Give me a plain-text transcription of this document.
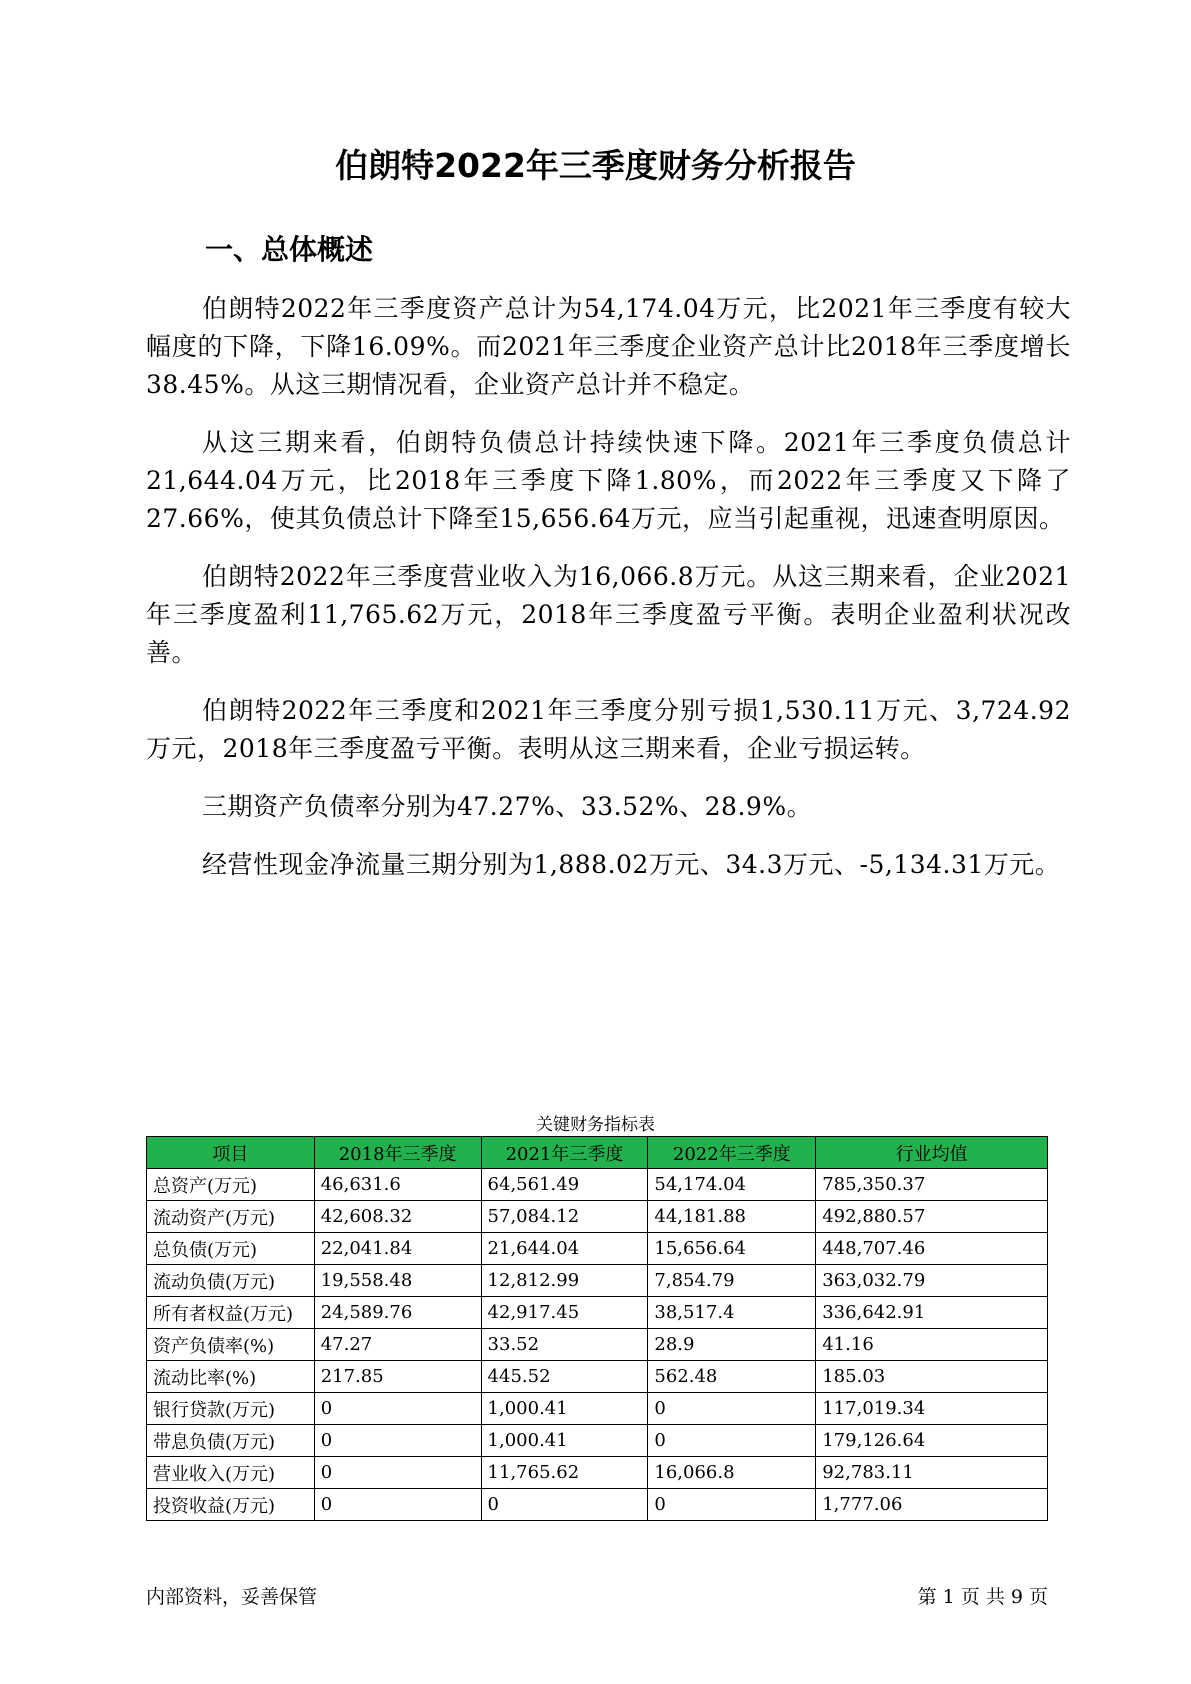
伯朗特2022年三季度财务分析报告
一、总体概述

伯朗特2022年三季度资产总计为54,174.04万元，比2021年三季度有较大幅度的下降，下降16.09%。而2021年三季度企业资产总计比2018年三季度增长38.45%。从这三期情况看，企业资产总计并不稳定。

从这三期来看，伯朗特负债总计持续快速下降。2021年三季度负债总计21,644.04万元，比2018年三季度下降1.80%，而2022年三季度又下降了27.66%，使其负债总计下降至15,656.64万元，应当引起重视，迅速查明原因。

伯朗特2022年三季度营业收入为16,066.8万元。从这三期来看，企业2021年三季度盈利11,765.62万元，2018年三季度盈亏平衡。表明企业盈利状况改善。

伯朗特2022年三季度和2021年三季度分别亏损1,530.11万元、3,724.92万元，2018年三季度盈亏平衡。表明从这三期来看，企业亏损运转。

三期资产负债率分别为47.27%、33.52%、28.9%。

经营性现金净流量三期分别为1,888.02万元、34.3万元、-5,134.31万元。

关键财务指标表
项目	2018年三季度	2021年三季度	2022年三季度	行业均值
总资产(万元)	46,631.6	64,561.49	54,174.04	785,350.37
流动资产(万元)	42,608.32	57,084.12	44,181.88	492,880.57
总负债(万元)	22,041.84	21,644.04	15,656.64	448,707.46
流动负债(万元)	19,558.48	12,812.99	7,854.79	363,032.79
所有者权益(万元)	24,589.76	42,917.45	38,517.4	336,642.91
资产负债率(%)	47.27	33.52	28.9	41.16
流动比率(%)	217.85	445.52	562.48	185.03
银行贷款(万元)	0	1,000.41	0	117,019.34
带息负债(万元)	0	1,000.41	0	179,126.64
营业收入(万元)	0	11,765.62	16,066.8	92,783.11
投资收益(万元)	0	0	0	1,777.06
内部资料，妥善保管	第 1 页 共 9 页
